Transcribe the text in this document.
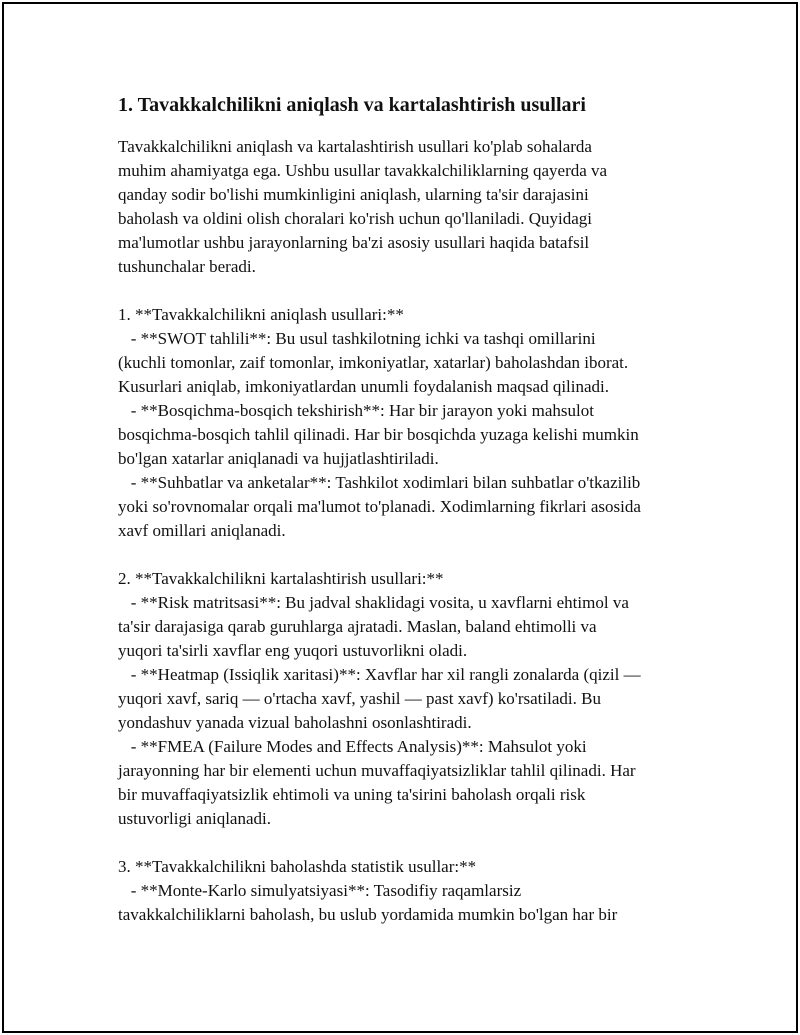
1. Tavakkalchilikni aniqlash va kartalashtirish usullari
Tavakkalchilikni aniqlash va kartalashtirish usullari ko'plab sohalarda
muhim ahamiyatga ega. Ushbu usullar tavakkalchiliklarning qayerda va
qanday sodir bo'lishi mumkinligini aniqlash, ularning ta'sir darajasini
baholash va oldini olish choralari ko'rish uchun qo'llaniladi. Quyidagi
ma'lumotlar ushbu jarayonlarning ba'zi asosiy usullari haqida batafsil
tushunchalar beradi.
1. **Tavakkalchilikni aniqlash usullari:**
- **SWOT tahlili**: Bu usul tashkilotning ichki va tashqi omillarini
(kuchli tomonlar, zaif tomonlar, imkoniyatlar, xatarlar) baholashdan iborat.
Kusurlari aniqlab, imkoniyatlardan unumli foydalanish maqsad qilinadi.
- **Bosqichma-bosqich tekshirish**: Har bir jarayon yoki mahsulot
bosqichma-bosqich tahlil qilinadi. Har bir bosqichda yuzaga kelishi mumkin
bo'lgan xatarlar aniqlanadi va hujjatlashtiriladi.
- **Suhbatlar va anketalar**: Tashkilot xodimlari bilan suhbatlar o'tkazilib
yoki so'rovnomalar orqali ma'lumot to'planadi. Xodimlarning fikrlari asosida
xavf omillari aniqlanadi.
2. **Tavakkalchilikni kartalashtirish usullari:**
- **Risk matritsasi**: Bu jadval shaklidagi vosita, u xavflarni ehtimol va
ta'sir darajasiga qarab guruhlarga ajratadi. Maslan, baland ehtimolli va
yuqori ta'sirli xavflar eng yuqori ustuvorlikni oladi.
- **Heatmap (Issiqlik xaritasi)**: Xavflar har xil rangli zonalarda (qizil —
yuqori xavf, sariq — o'rtacha xavf, yashil — past xavf) ko'rsatiladi. Bu
yondashuv yanada vizual baholashni osonlashtiradi.
- **FMEA (Failure Modes and Effects Analysis)**: Mahsulot yoki
jarayonning har bir elementi uchun muvaffaqiyatsizliklar tahlil qilinadi. Har
bir muvaffaqiyatsizlik ehtimoli va uning ta'sirini baholash orqali risk
ustuvorligi aniqlanadi.
3. **Tavakkalchilikni baholashda statistik usullar:**
- **Monte-Karlo simulyatsiyasi**: Tasodifiy raqamlarsiz
tavakkalchiliklarni baholash, bu uslub yordamida mumkin bo'lgan har bir
